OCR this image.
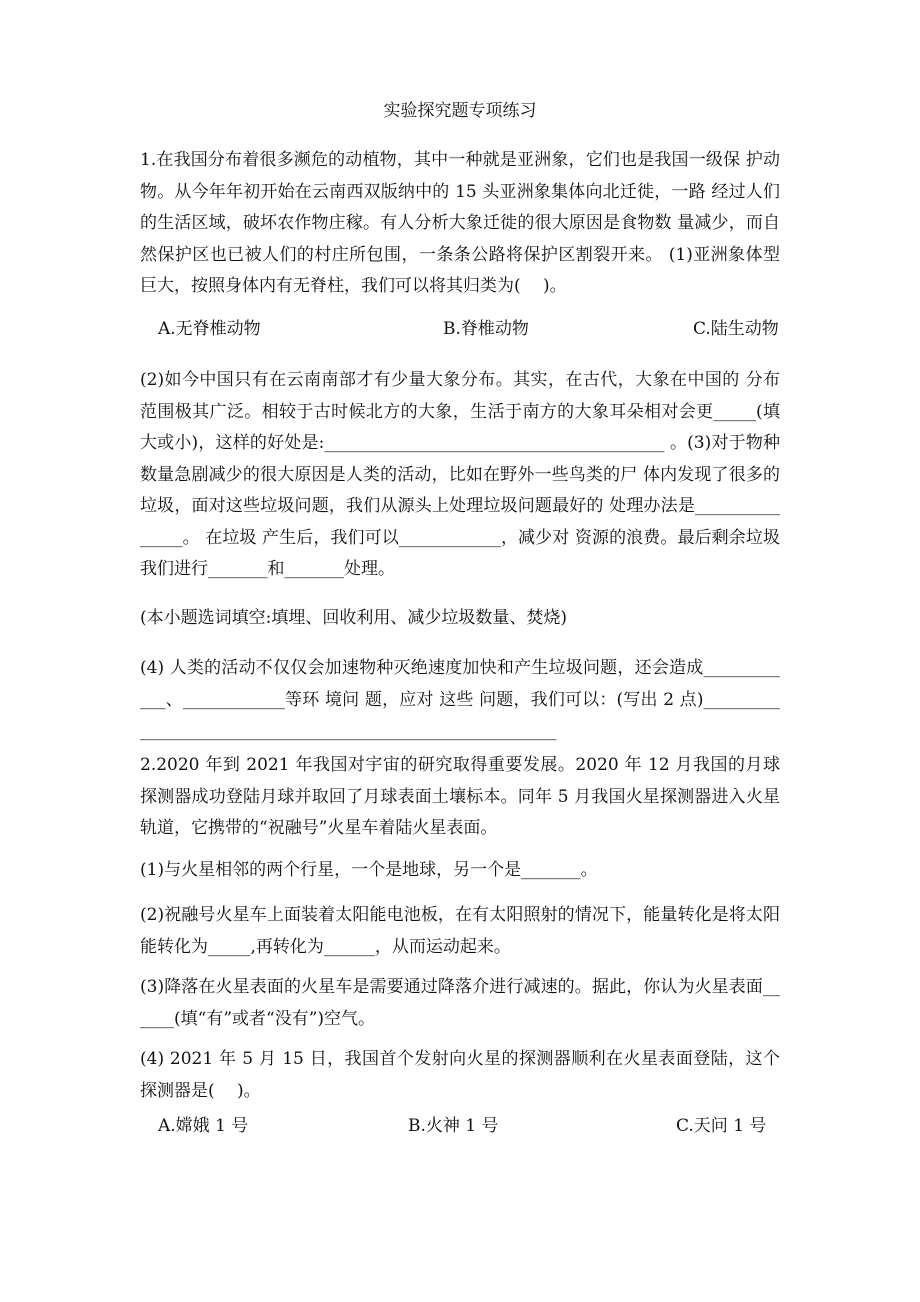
实验探究题专项练习
1.在我国分布着很多濒危的动植物，其中一种就是亚洲象，它们也是我国一级保 护动物。从今年年初开始在云南西双版纳中的 15 头亚洲象集体向北迁徙，一路 经过人们的生活区域，破坏农作物庄稼。有人分析大象迁徙的很大原因是食物数 量减少，而自然保护区也已被人们的村庄所包围，一条条公路将保护区割裂开来。 (1)亚洲象体型巨大，按照身体内有无脊柱，我们可以将其归类为(　 )。
A.无脊椎动物	B.脊椎动物	C.陆生动物
(2)如今中国只有在云南南部才有少量大象分布。其实，在古代，大象在中国的 分布范围极其广泛。相较于古时候北方的大象，生活于南方的大象耳朵相对会更_____(填大或小)，这样的好处是:________________________________________ 。(3)对于物种数量急剧减少的很大原因是人类的活动，比如在野外一些鸟类的尸 体内发现了很多的垃圾，面对这些垃圾问题，我们从源头上处理垃圾问题最好的 处理办法是_______________。 在垃圾 产生后，我们可以____________，减少对 资源的浪费。最后剩余垃圾我们进行_______和_______处理。
(本小题选词填空:填埋、回收利用、减少垃圾数量、焚烧)
(4) 人类的活动不仅仅会加速物种灭绝速度加快和产生垃圾问题，还会造成____________、____________等环 境问 题，应对 这些 问题，我们可以：(写出 2 点)__________________________________________________________
2.2020 年到 2021 年我国对宇宙的研究取得重要发展。2020 年 12 月我国的月球探测器成功登陆月球并取回了月球表面土壤标本。同年 5 月我国火星探测器进入火星轨道，它携带的“祝融号”火星车着陆火星表面。
(1)与火星相邻的两个行星，一个是地球，另一个是_______。
(2)祝融号火星车上面装着太阳能电池板，在有太阳照射的情况下，能量转化是将太阳能转化为_____,再转化为______，从而运动起来。
(3)降落在火星表面的火星车是需要通过降落介进行减速的。据此，你认为火星表面______(填“有”或者“没有”)空气。
(4) 2021 年 5 月 15 日，我国首个发射向火星的探测器顺利在火星表面登陆，这个探测器是(　 )。
A.嫦娥 1 号	B.火神 1 号	C.天问 1 号
